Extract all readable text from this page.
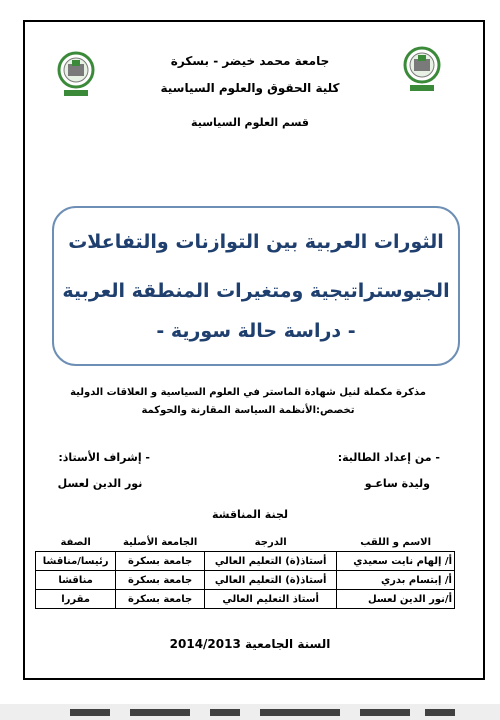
جامعة محمد خيضر - بسكرة
كلية الحقوق والعلوم السياسية
قسم العلوم السياسية
الثورات العربية بين التوازنات والتفاعلات
الجيوستراتيجية ومتغيرات المنطقة العربية
- دراسة حالة سورية -
مذكرة مكملة لنيل شهادة الماستر في العلوم السياسية و العلاقات الدولية
تخصص:الأنظمة السياسة المقارنة والحوكمة
- من إعداد الطالبة:
وليدة ساعـو
- إشراف الأستاذ:
نور الدين لعسل
لجنة المناقشة
الاسم و اللقب	الدرجة	الجامعة الأصلية	الصفة
أ/ إلهام نايت سعيدي	أستاذ(ة) التعليم العالي	جامعة بسكرة	رئيسا/مناقشا
أ/ إبتسام بدري	أستاذ(ة) التعليم العالي	جامعة بسكرة	مناقشا
أ/نور الدين لعسل	أستاذ التعليم العالي	جامعة بسكرة	مقررا
السنة الجامعية 2014/2013
